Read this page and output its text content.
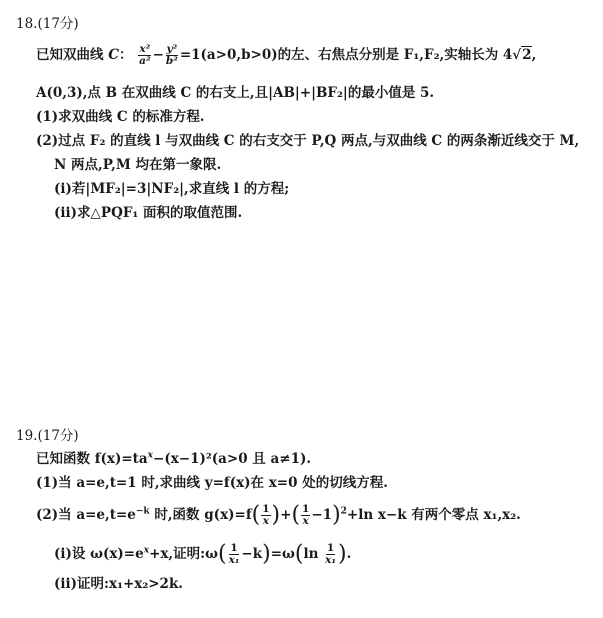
18.(17分)
已知双曲线 C： $\frac{\text{x²}}{\text{a²}} - \frac{\text{y²}}{\text{b²}} =1(a>0,b>0)$的左、右焦点分别是 F₁,F₂,实轴长为 4√2,
A(0,3),点 B 在双曲线 C 的右支上,且|AB|+|BF₂|的最小值是 5.
(1)求双曲线 C 的标准方程.
(2)过点 F₂ 的直线 l 与双曲线 C 的右支交于 P,Q 两点,与双曲线 C 的两条渐近线交于 M,
N 两点,P,M 均在第一象限.
(ⅰ)若|MF₂|=3|NF₂|,求直线 l 的方程;
(ⅱ)求△PQF₁ 面积的取值范围.
19.(17分)
已知函数 $f(x)=ta^x-(x-1)^2(a>0$ 且 a≠1).
(1)当 a=e,t=1 时,求曲线 y=f(x)在 x=0 处的切线方程.
(2)当 $a=e,t=e^{-k}$ 时,函数 $g(x)=f( \frac{1}{x}$ )+( $\frac{1}{x} -1)^2+\ln$ x−k 有两个零点 x₁,x₂.
(ⅰ)设 $\omega(x)=e^x+x$,证明:ω( $\frac{1}{\text{x₁}} -k)=\omega(\ln \frac{1}{\text{x₁}}$ ).
(ⅱ)证明:x₁+x₂>2k.
